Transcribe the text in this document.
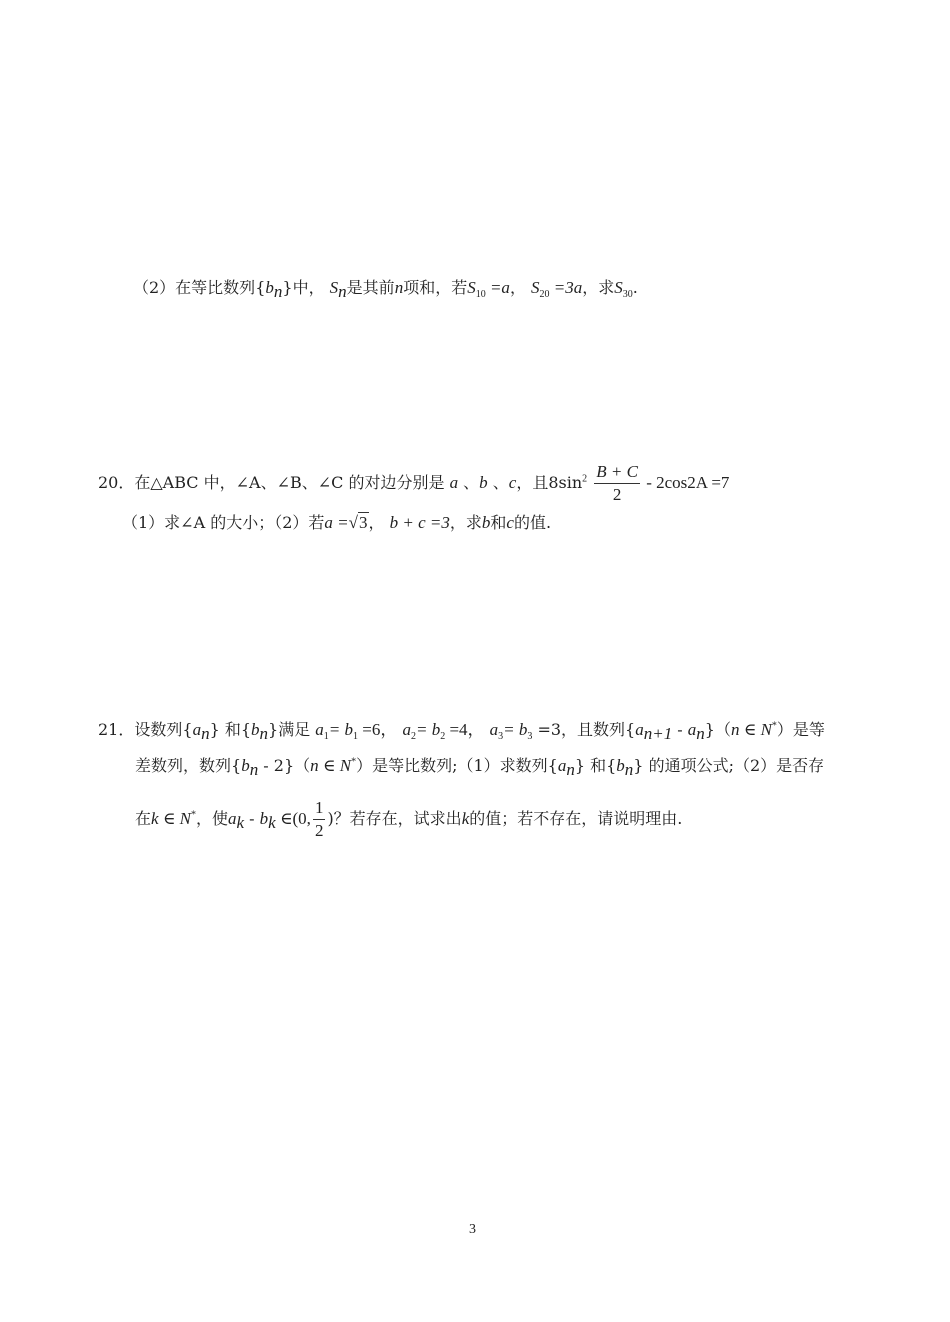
（2）在等比数列$\{b_n\}$中， $S_n$是其前n项和，若$S_{10} =a$， $S_{20} =3a$，求$S_{30}$.
20．在△ABC 中，∠A、∠B、∠C 的对边分别是 a 、b 、c，且$8\sin^2 \frac{B + C}{2} - 2\cos 2A =7$
（1）求∠A 的大小；（2）若a =√3， b + c =3，求b和c的值.
21．设数列$\{a_n\}$ 和$\{b_n\}$满足 $a_1= b_1 =6$， $a_2= b_2 =4$， $a_3= b_3 =3$，且数列$\{a_{n+1} - a_n\}(n$ ∈ N*）是等
差数列，数列$\{b_n - 2\}(n$ ∈ N*）是等比数列;（1）求数列$\{a_n\}$ 和$\{b_n\}$ 的通项公式;（2）是否存
在k ∈ N*，使$a_k - b_k$ ∈(0, $\frac{1}{2}$ )？若存在，试求出k的值；若不存在，请说明理由.
3
